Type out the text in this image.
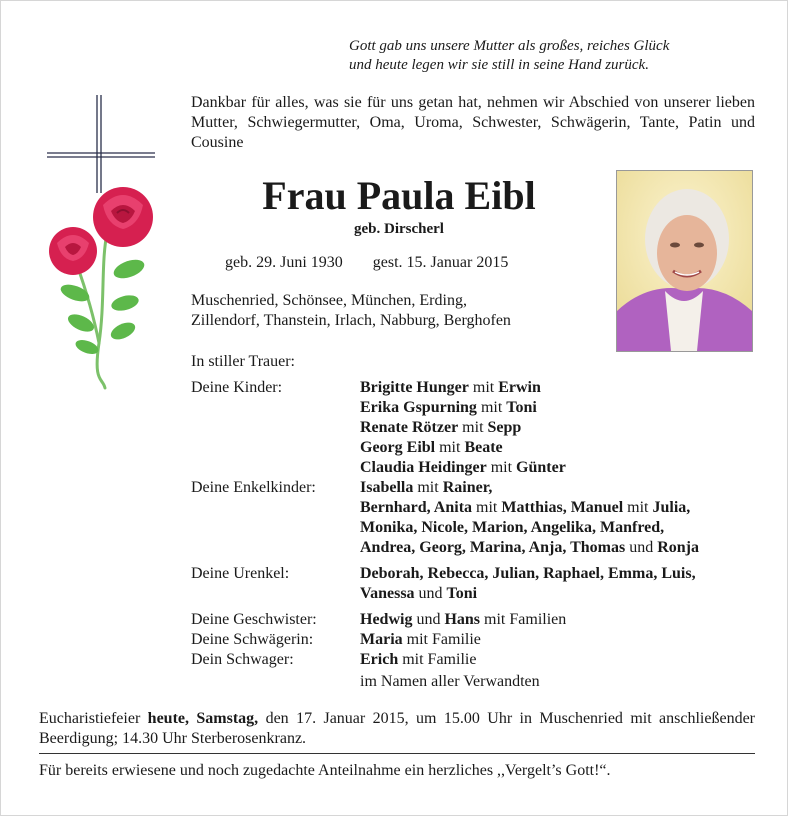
Gott gab uns unsere Mutter als großes, reiches Glück
und heute legen wir sie still in seine Hand zurück.
Dankbar für alles, was sie für uns getan hat, nehmen wir Abschied von unserer lieben Mutter, Schwiegermutter, Oma, Uroma, Schwester, Schwägerin, Tante, Patin und Cousine
Frau Paula Eibl
geb. Dirscherl
geb. 29. Juni 1930 gest. 15. Januar 2015
Muschenried, Schönsee, München, Erding,
Zillendorf, Thanstein, Irlach, Nabburg, Berghofen
In stiller Trauer:
Deine Kinder:	Brigitte Hunger mit Erwin
Erika Gspurning mit Toni
Renate Rötzer mit Sepp
Georg Eibl mit Beate
Claudia Heidinger mit Günter
Deine Enkelkinder:	Isabella mit Rainer,
Bernhard, Anita mit Matthias, Manuel mit Julia,
Monika, Nicole, Marion, Angelika, Manfred,
Andrea, Georg, Marina, Anja, Thomas und Ronja
Deine Urenkel:	Deborah, Rebecca, Julian, Raphael, Emma, Luis,
Vanessa und Toni
Deine Geschwister:	Hedwig und Hans mit Familien
Deine Schwägerin:	Maria mit Familie
Dein Schwager:	Erich mit Familie
im Namen aller Verwandten
Eucharistiefeier heute, Samstag, den 17. Januar 2015, um 15.00 Uhr in Muschenried mit anschließender Beerdigung; 14.30 Uhr Sterberosenkranz.
Für bereits erwiesene und noch zugedachte Anteilnahme ein herzliches ,,Vergelt’s Gott!“.
